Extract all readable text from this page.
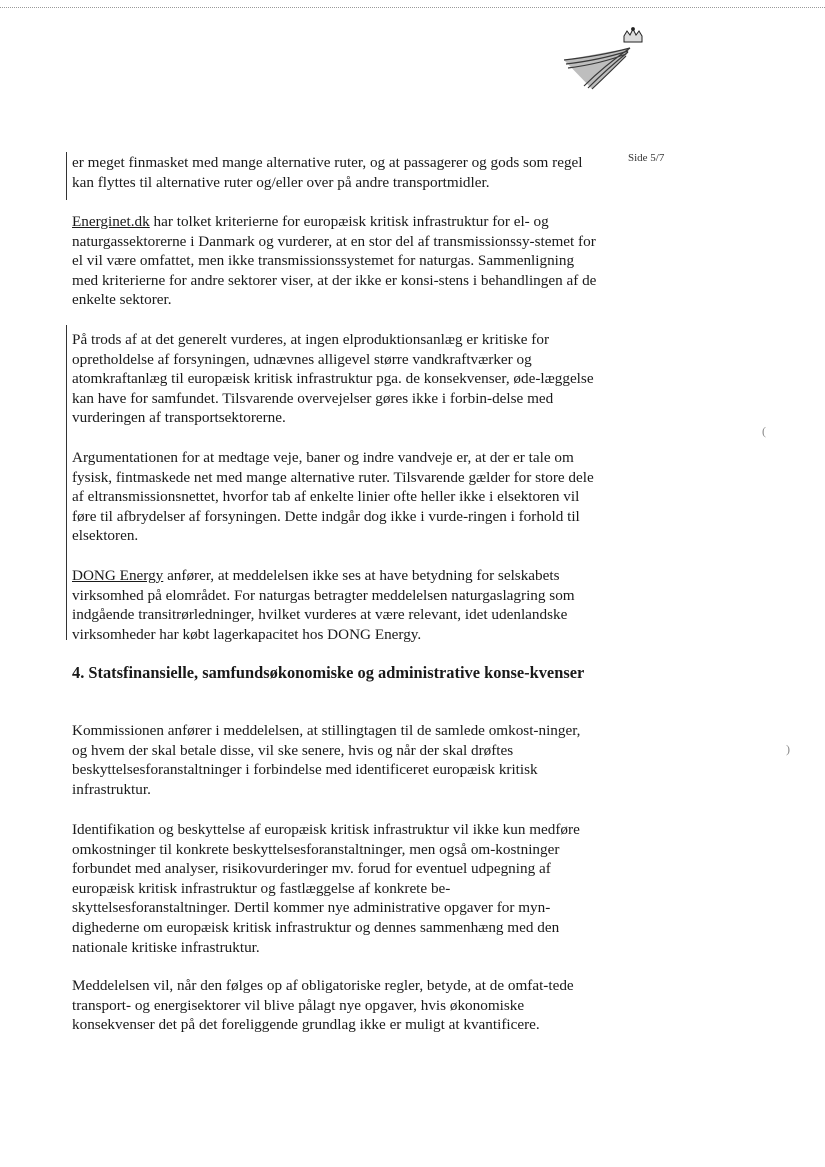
Side 5/7

er meget finmasket med mange alternative ruter, og at passagerer og gods som regel kan flyttes til alternative ruter og/eller over på andre transportmidler.

Energinet.dk har tolket kriterierne for europæisk kritisk infrastruktur for el- og naturgassektorerne i Danmark og vurderer, at en stor del af transmissionssy-stemet for el vil være omfattet, men ikke transmissionssystemet for naturgas. Sammenligning med kriterierne for andre sektorer viser, at der ikke er konsi-stens i behandlingen af de enkelte sektorer.

På trods af at det generelt vurderes, at ingen elproduktionsanlæg er kritiske for opretholdelse af forsyningen, udnævnes alligevel større vandkraftværker og atomkraftanlæg til europæisk kritisk infrastruktur pga. de konsekvenser, øde-læggelse kan have for samfundet. Tilsvarende overvejelser gøres ikke i forbin-delse med vurderingen af transportsektorerne.

Argumentationen for at medtage veje, baner og indre vandveje er, at der er tale om fysisk, fintmaskede net med mange alternative ruter. Tilsvarende gælder for store dele af eltransmissionsnettet, hvorfor tab af enkelte linier ofte heller ikke i elsektoren vil føre til afbrydelser af forsyningen. Dette indgår dog ikke i vurde-ringen i forhold til elsektoren.

DONG Energy anfører, at meddelelsen ikke ses at have betydning for selskabets virksomhed på elområdet. For naturgas betragter meddelelsen naturgaslagring som indgående transitrørledninger, hvilket vurderes at være relevant, idet udenlandske virksomheder har købt lagerkapacitet hos DONG Energy.

4. Statsfinansielle, samfundsøkonomiske og administrative konse-kvenser

Kommissionen anfører i meddelelsen, at stillingtagen til de samlede omkost-ninger, og hvem der skal betale disse, vil ske senere, hvis og når der skal drøftes beskyttelsesforanstaltninger i forbindelse med identificeret europæisk kritisk infrastruktur.

Identifikation og beskyttelse af europæisk kritisk infrastruktur vil ikke kun medføre omkostninger til konkrete beskyttelsesforanstaltninger, men også om-kostninger forbundet med analyser, risikovurderinger mv. forud for eventuel udpegning af europæisk kritisk infrastruktur og fastlæggelse af konkrete be-skyttelsesforanstaltninger. Dertil kommer nye administrative opgaver for myn-dighederne om europæisk kritisk infrastruktur og dennes sammenhæng med den nationale kritiske infrastruktur.

Meddelelsen vil, når den følges op af obligatoriske regler, betyde, at de omfat-tede transport- og energisektorer vil blive pålagt nye opgaver, hvis økonomiske konsekvenser det på det foreliggende grundlag ikke er muligt at kvantificere.

(
)
